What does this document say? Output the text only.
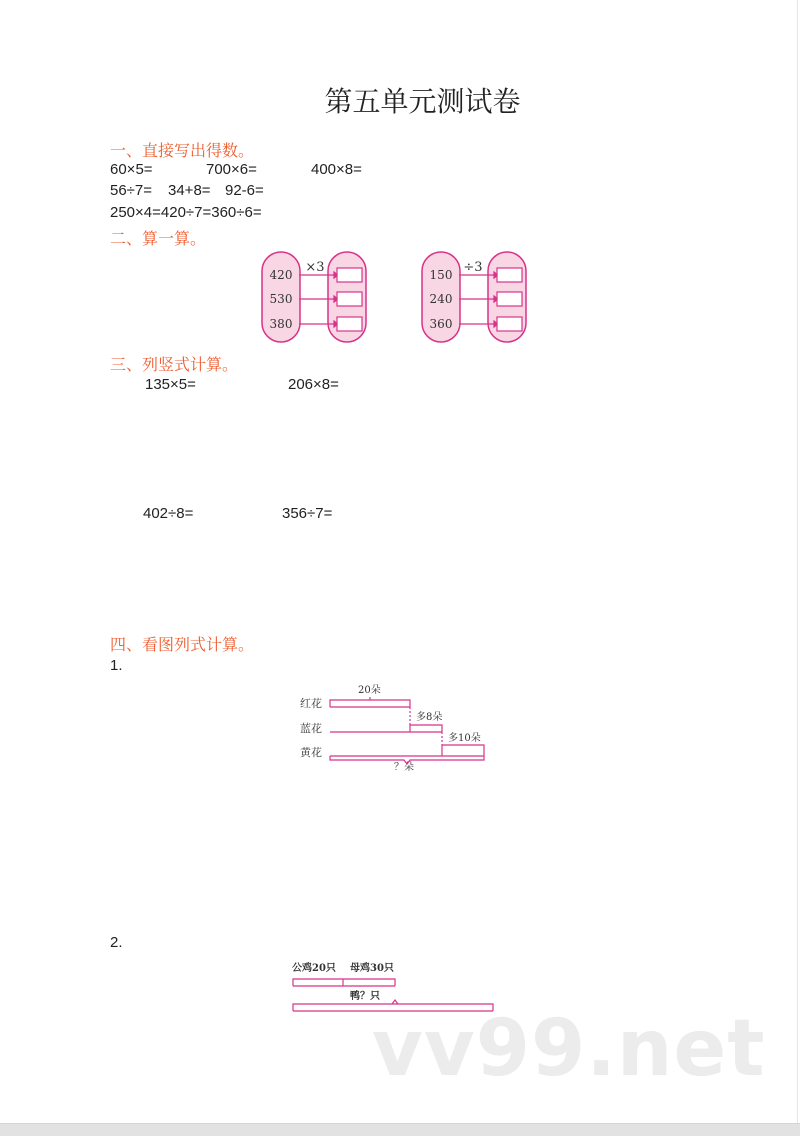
第五单元测试卷
一、直接写出得数。
60×5=	700×6=	400×8=
56÷7= 34+8= 92-6=
250×4=420÷7=360÷6=
二、算一算。
×3
420
530
380
÷3
150
240
360
三、列竖式计算。
135×5=	206×8=
402÷8=	356÷7=
四、看图列式计算。
1.
红花
蓝花
黄花
20朵
多8朵
多10朵
？朵
2.
公鸡20只 母鸡30只
鸭？只
vv99.net
